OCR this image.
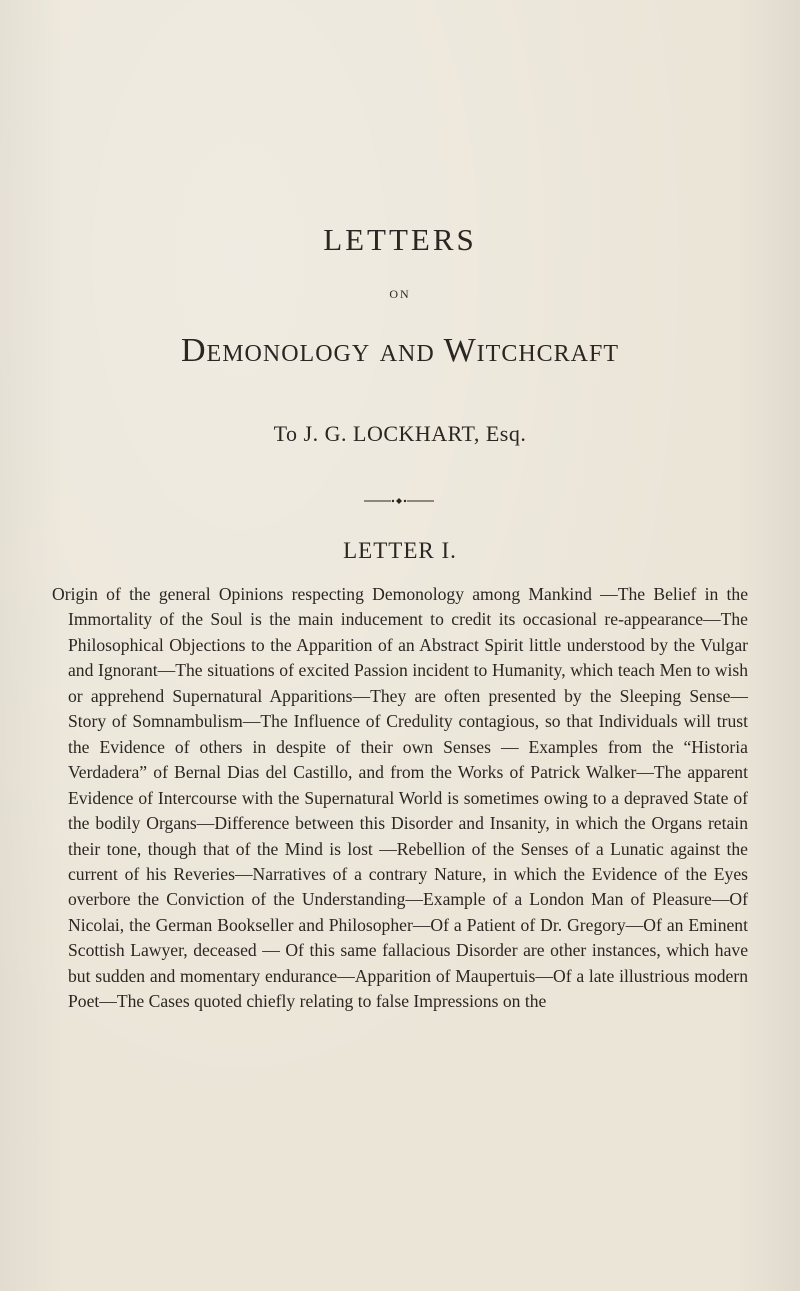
LETTERS
ON
Demonology and Witchcraft
To J. G. LOCKHART, Esq.
LETTER I.

Origin of the general Opinions respecting Demonology among Mankind —The Belief in the Immortality of the Soul is the main inducement to credit its occasional re-appearance—The Philosophical Objections to the Apparition of an Abstract Spirit little understood by the Vulgar and Ignorant—The situations of excited Passion incident to Humanity, which teach Men to wish or apprehend Supernatural Apparitions—They are often presented by the Sleeping Sense—Story of Somnambulism—The Influence of Credulity contagious, so that Individuals will trust the Evidence of others in despite of their own Senses — Examples from the “Historia Verdadera” of Bernal Dias del Castillo, and from the Works of Patrick Walker—The apparent Evidence of Intercourse with the Supernatural World is sometimes owing to a depraved State of the bodily Organs—Difference between this Disorder and Insanity, in which the Organs retain their tone, though that of the Mind is lost —Rebellion of the Senses of a Lunatic against the current of his Reveries—Narratives of a contrary Nature, in which the Evidence of the Eyes overbore the Conviction of the Understanding—Example of a London Man of Pleasure—Of Nicolai, the German Bookseller and Philosopher—Of a Patient of Dr. Gregory—Of an Eminent Scottish Lawyer, deceased — Of this same fallacious Disorder are other instances, which have but sudden and momentary endurance—Apparition of Maupertuis—Of a late illustrious modern Poet—The Cases quoted chiefly relating to false Impressions on the
